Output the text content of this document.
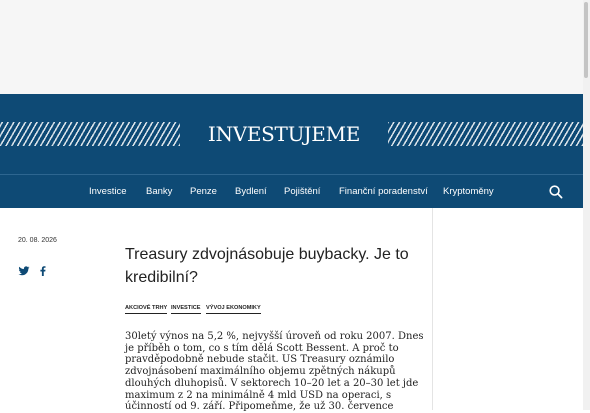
INVESTUJEME
Investice Banky Penze Bydlení Pojištění Finanční poradenství Kryptoměny
20. 08. 2026
Treasury zdvojnásobuje buybacky. Je to kredibilní?
AKCIOVÉ TRHY INVESTICE VÝVOJ EKONOMIKY

30letý výnos na 5,2 %, nejvyšší úroveň od roku 2007. Dnes je příběh o tom, co s tím dělá Scott Bessent. A proč to pravděpodobně nebude stačit. US Treasury oznámilo zdvojnásobení maximálního objemu zpětných nákupů dlouhých dluhopisů. V sektorech 10–20 let a 20–30 let jde maximum z 2 na minimálně 4 mld USD na operaci, s účinností od 9. září. Připomeňme, že už 30. července
